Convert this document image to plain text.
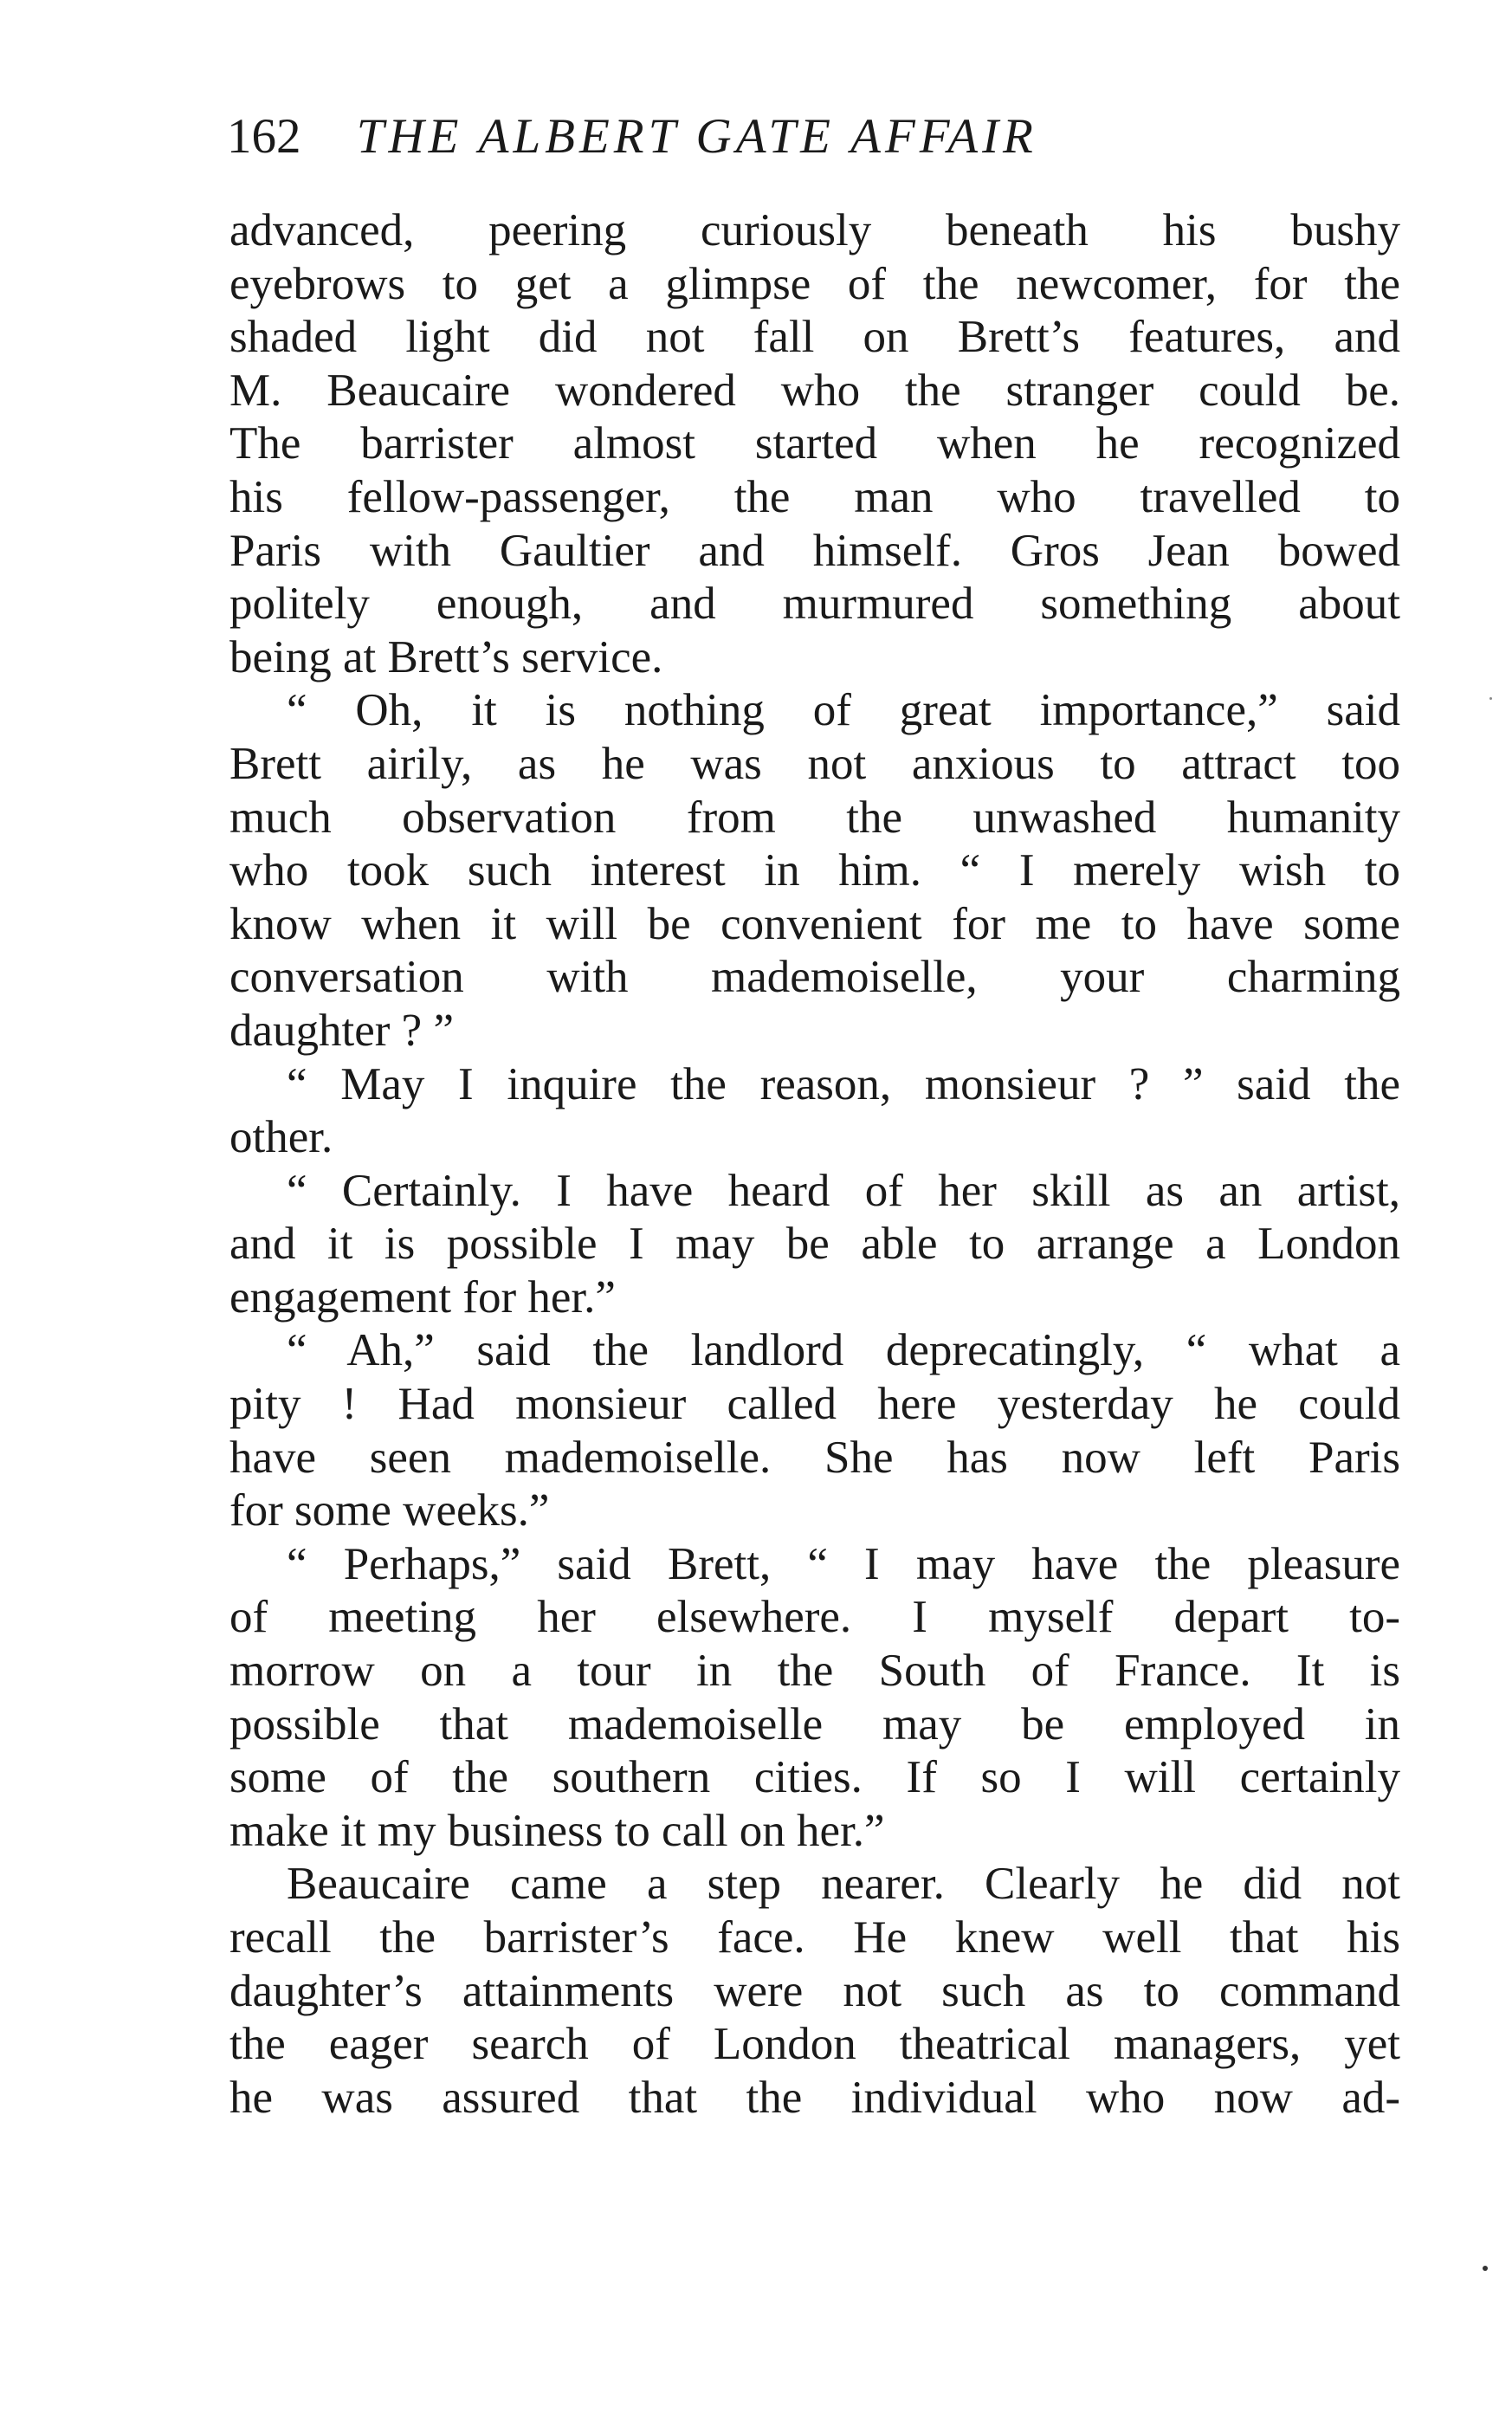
162 THE ALBERT GATE AFFAIR
advanced, peering curiously beneath his bushy
eyebrows to get a glimpse of the newcomer, for the
shaded light did not fall on Brett’s features, and
M. Beaucaire wondered who the stranger could be.
The barrister almost started when he recognized
his fellow-passenger, the man who travelled to
Paris with Gaultier and himself. Gros Jean bowed
politely enough, and murmured something about
being at Brett’s service.
“ Oh, it is nothing of great importance,” said
Brett airily, as he was not anxious to attract too
much observation from the unwashed humanity
who took such interest in him. “ I merely wish to
know when it will be convenient for me to have some
conversation with mademoiselle, your charming
daughter ? ”
“ May I inquire the reason, monsieur ? ” said the
other.
“ Certainly. I have heard of her skill as an artist,
and it is possible I may be able to arrange a London
engagement for her.”
“ Ah,” said the landlord deprecatingly, “ what a
pity ! Had monsieur called here yesterday he could
have seen mademoiselle. She has now left Paris
for some weeks.”
“ Perhaps,” said Brett, “ I may have the pleasure
of meeting her elsewhere. I myself depart to-
morrow on a tour in the South of France. It is
possible that mademoiselle may be employed in
some of the southern cities. If so I will certainly
make it my business to call on her.”
Beaucaire came a step nearer. Clearly he did not
recall the barrister’s face. He knew well that his
daughter’s attainments were not such as to command
the eager search of London theatrical managers, yet
he was assured that the individual who now ad-
